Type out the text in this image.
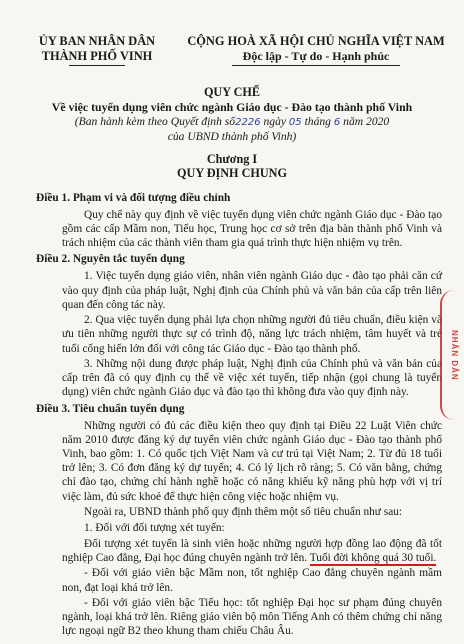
ỦY BAN NHÂN DÂN
THÀNH PHỐ VINH
CỘNG HOÀ XÃ HỘI CHỦ NGHĨA VIỆT NAM
Độc lập - Tự do - Hạnh phúc
QUY CHẾ
Về việc tuyển dụng viên chức ngành Giáo dục - Đào tạo thành phố Vinh
(Ban hành kèm theo Quyết định số2226 ngày 05 tháng 6 năm 2020
của UBND thành phố Vinh)
Chương I
QUY ĐỊNH CHUNG

Điều 1. Phạm vi và đối tượng điều chỉnh

Quy chế này quy định về việc tuyển dụng viên chức ngành Giáo dục - Đào tạo gồm các cấp Mầm non, Tiểu học, Trung học cơ sở trên địa bàn thành phố Vinh và trách nhiệm của các thành viên tham gia quá trình thực hiện nhiệm vụ trên.

Điều 2. Nguyên tắc tuyển dụng

1. Việc tuyển dụng giáo viên, nhân viên ngành Giáo dục - đào tạo phải căn cứ vào quy định của pháp luật, Nghị định của Chính phủ và văn bản của cấp trên liên quan đến công tác này.

2. Qua việc tuyển dụng phải lựa chọn những người đủ tiêu chuẩn, điều kiện và ưu tiên những người thực sự có trình độ, năng lực trách nhiệm, tâm huyết và trẻ tuổi cống hiến lớn đối với công tác Giáo dục - Đào tạo thành phố.

3. Những nội dung được pháp luật, Nghị định của Chính phủ và văn bản của cấp trên đã có quy định cụ thể về việc xét tuyển, tiếp nhận (gọi chung là tuyển dụng) viên chức ngành Giáo dục và đào tạo thì không đưa vào quy định này.

Điều 3. Tiêu chuẩn tuyển dụng

Những người có đủ các điều kiện theo quy định tại Điều 22 Luật Viên chức năm 2010 được đăng ký dự tuyển viên chức ngành Giáo dục - Đào tạo thành phố Vinh, bao gồm: 1. Có quốc tịch Việt Nam và cư trú tại Việt Nam; 2. Từ đủ 18 tuổi trở lên; 3. Có đơn đăng ký dự tuyển; 4. Có lý lịch rõ ràng; 5. Có văn bằng, chứng chỉ đào tạo, chứng chỉ hành nghề hoặc có năng khiếu kỹ năng phù hợp với vị trí việc làm, đủ sức khoẻ để thực hiện công việc hoặc nhiệm vụ.

Ngoài ra, UBND thành phố quy định thêm một số tiêu chuẩn như sau:

1. Đối với đối tượng xét tuyển:

Đối tượng xét tuyển là sinh viên hoặc những người hợp đồng lao động đã tốt nghiệp Cao đẳng, Đại học đúng chuyên ngành trở lên. Tuổi đời không quá 30 tuổi.

- Đối với giáo viên bậc Mầm non, tốt nghiệp Cao đẳng chuyên ngành mầm non, đạt loại khá trở lên.

- Đối với giáo viên bậc Tiểu học: tốt nghiệp Đại học sư phạm đúng chuyên ngành, loại khá trở lên. Riêng giáo viên bộ môn Tiếng Anh có thêm chứng chỉ năng lực ngoại ngữ B2 theo khung tham chiếu Châu Âu.

NHÂN DÂN
